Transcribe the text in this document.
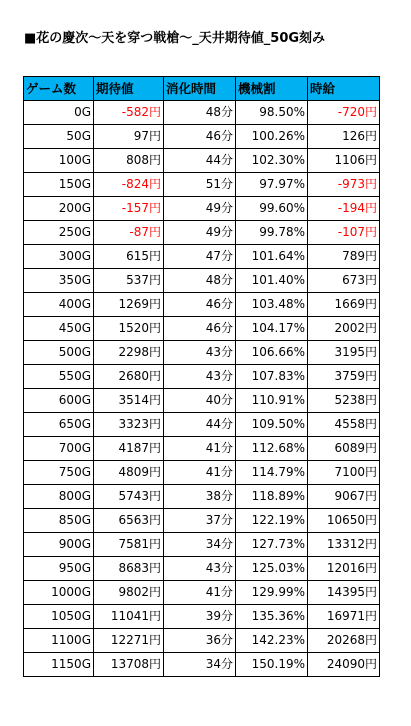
■花の慶次～天を穿つ戦槍～_天井期待値_50G刻み
ゲーム数	期待値	消化時間	機械割	時給
0G	-582円	48分	98.50%	-720円
50G	97円	46分	100.26%	126円
100G	808円	44分	102.30%	1106円
150G	-824円	51分	97.97%	-973円
200G	-157円	49分	99.60%	-194円
250G	-87円	49分	99.78%	-107円
300G	615円	47分	101.64%	789円
350G	537円	48分	101.40%	673円
400G	1269円	46分	103.48%	1669円
450G	1520円	46分	104.17%	2002円
500G	2298円	43分	106.66%	3195円
550G	2680円	43分	107.83%	3759円
600G	3514円	40分	110.91%	5238円
650G	3323円	44分	109.50%	4558円
700G	4187円	41分	112.68%	6089円
750G	4809円	41分	114.79%	7100円
800G	5743円	38分	118.89%	9067円
850G	6563円	37分	122.19%	10650円
900G	7581円	34分	127.73%	13312円
950G	8683円	43分	125.03%	12016円
1000G	9802円	41分	129.99%	14395円
1050G	11041円	39分	135.36%	16971円
1100G	12271円	36分	142.23%	20268円
1150G	13708円	34分	150.19%	24090円
